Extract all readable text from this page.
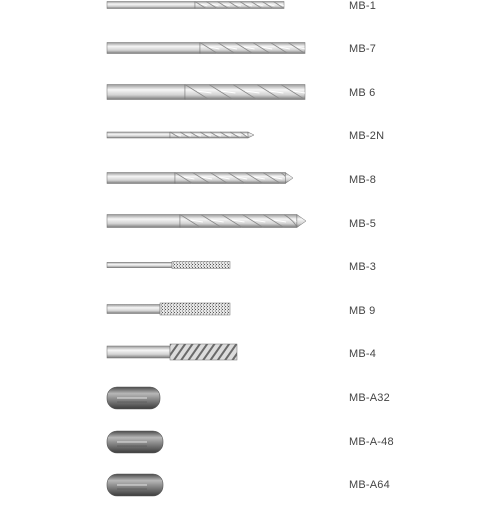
MB-1
MB-7
MB 6
MB-2N
MB-8
MB-5
MB-3
MB 9
MB-4
MB-A32
MB-A-48
MB-A64
